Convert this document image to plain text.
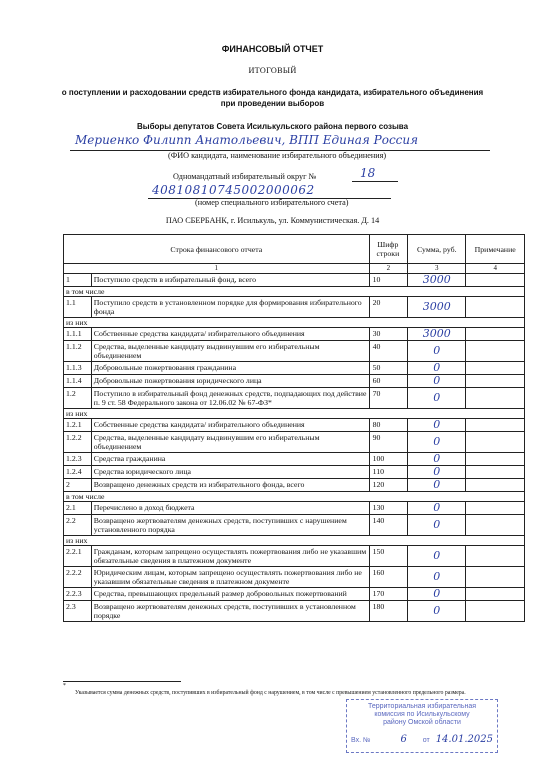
ФИНАНСОВЫЙ ОТЧЕТ
ИТОГОВЫЙ
о поступлении и расходовании средств избирательного фонда кандидата, избирательного объединения
при проведении выборов
Выборы депутатов Совета Исилькульского района первого созыва
Мериенко Филипп Анатольевич, ВПП Единая Россия
(ФИО кандидата, наименование избирательного объединения)
Одномандатный избирательный округ №	18
40810810745002000062
(номер специального избирательного счета)
ПАО СБЕРБАНК, г. Исилькуль, ул. Коммунистическая. Д. 14
Строка финансового отчета		Шифр строки	Сумма, руб.	Примечание
1		2	3	4
1	Поступило средств в избирательный фонд, всего	10	3000	
в том числе				
1.1	Поступило средств в установленном порядке для формирования избирательного фонда	20	3000	
из них				
1.1.1	Собственные средства кандидата/ избирательного объединения	30	3000	
1.1.2	Средства, выделенные кандидату выдвинувшим его избирательным объединением	40	0	
1.1.3	Добровольные пожертвования гражданина	50	0	
1.1.4	Добровольные пожертвования юридического лица	60	0	
1.2	Поступило в избирательный фонд денежных средств, подпадающих под действие п. 9 ст. 58 Федерального закона от 12.06.02 № 67-ФЗ*	70	0	
из них				
1.2.1	Собственные средства кандидата/ избирательного объединения	80	0	
1.2.2	Средства, выделенные кандидату выдвинувшим его избирательным объединением	90	0	
1.2.3	Средства гражданина	100	0	
1.2.4	Средства юридического лица	110	0	
2	Возвращено денежных средств из избирательного фонда, всего	120	0	
в том числе				
2.1	Перечислено в доход бюджета	130	0	
2.2	Возвращено жертвователям денежных средств, поступивших с нарушением установленного порядка	140	0	
из них				
2.2.1	Гражданам, которым запрещено осуществлять пожертвования либо не указавшим обязательные сведения в платежном документе	150	0	
2.2.2	Юридическим лицам, которым запрещено осуществлять пожертвования либо не указавшим обязательные сведения в платежном документе	160	0	
2.2.3	Средства, превышающих предельный размер добровольных пожертвований	170	0	
2.3	Возвращено жертвователям денежных средств, поступивших в установленном порядке	180	0	
*
Указывается сумма денежных средств, поступивших в избирательный фонд с нарушением, в том числе с превышением установленного предельного размера.
Территориальная избирательная
комиссия по Исилькульскому
району Омской области
Вх. №	6 от 14.01.2025
